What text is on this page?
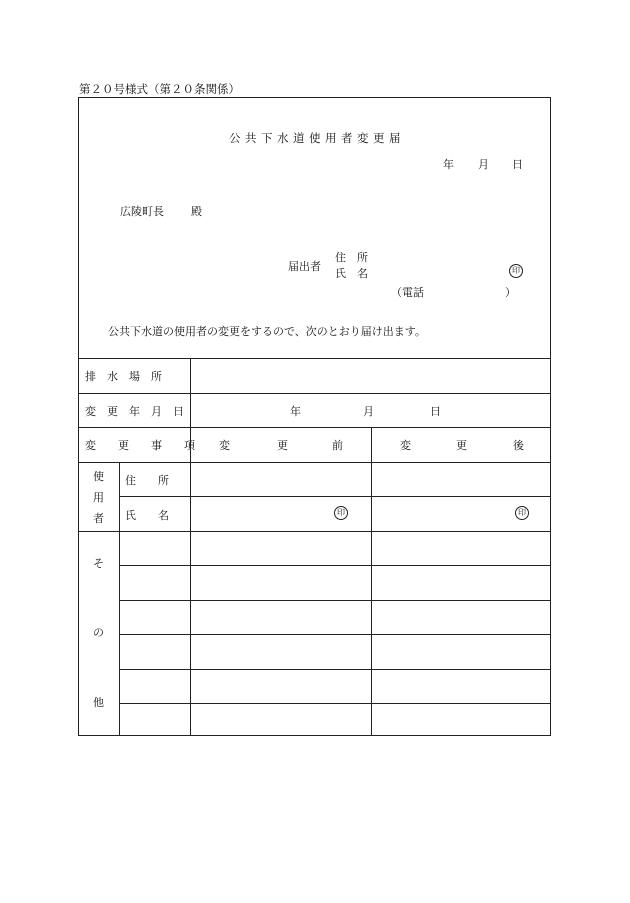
第２０号様式（第２０条関係）
公共下水道使用者変更届
年 月 日
広陵町長 殿
届出者
住　所
氏　名	印
（電話	）
公共下水道の使用者の変更をするので、次のとおり届け出ます。
排　水　場　所
変　更　年　月　日	年	月	日
変　　更　　事　　項 変	更	前	変	更	後
使
用
者
住　　所
氏　　名	印	印
そ
の
他
